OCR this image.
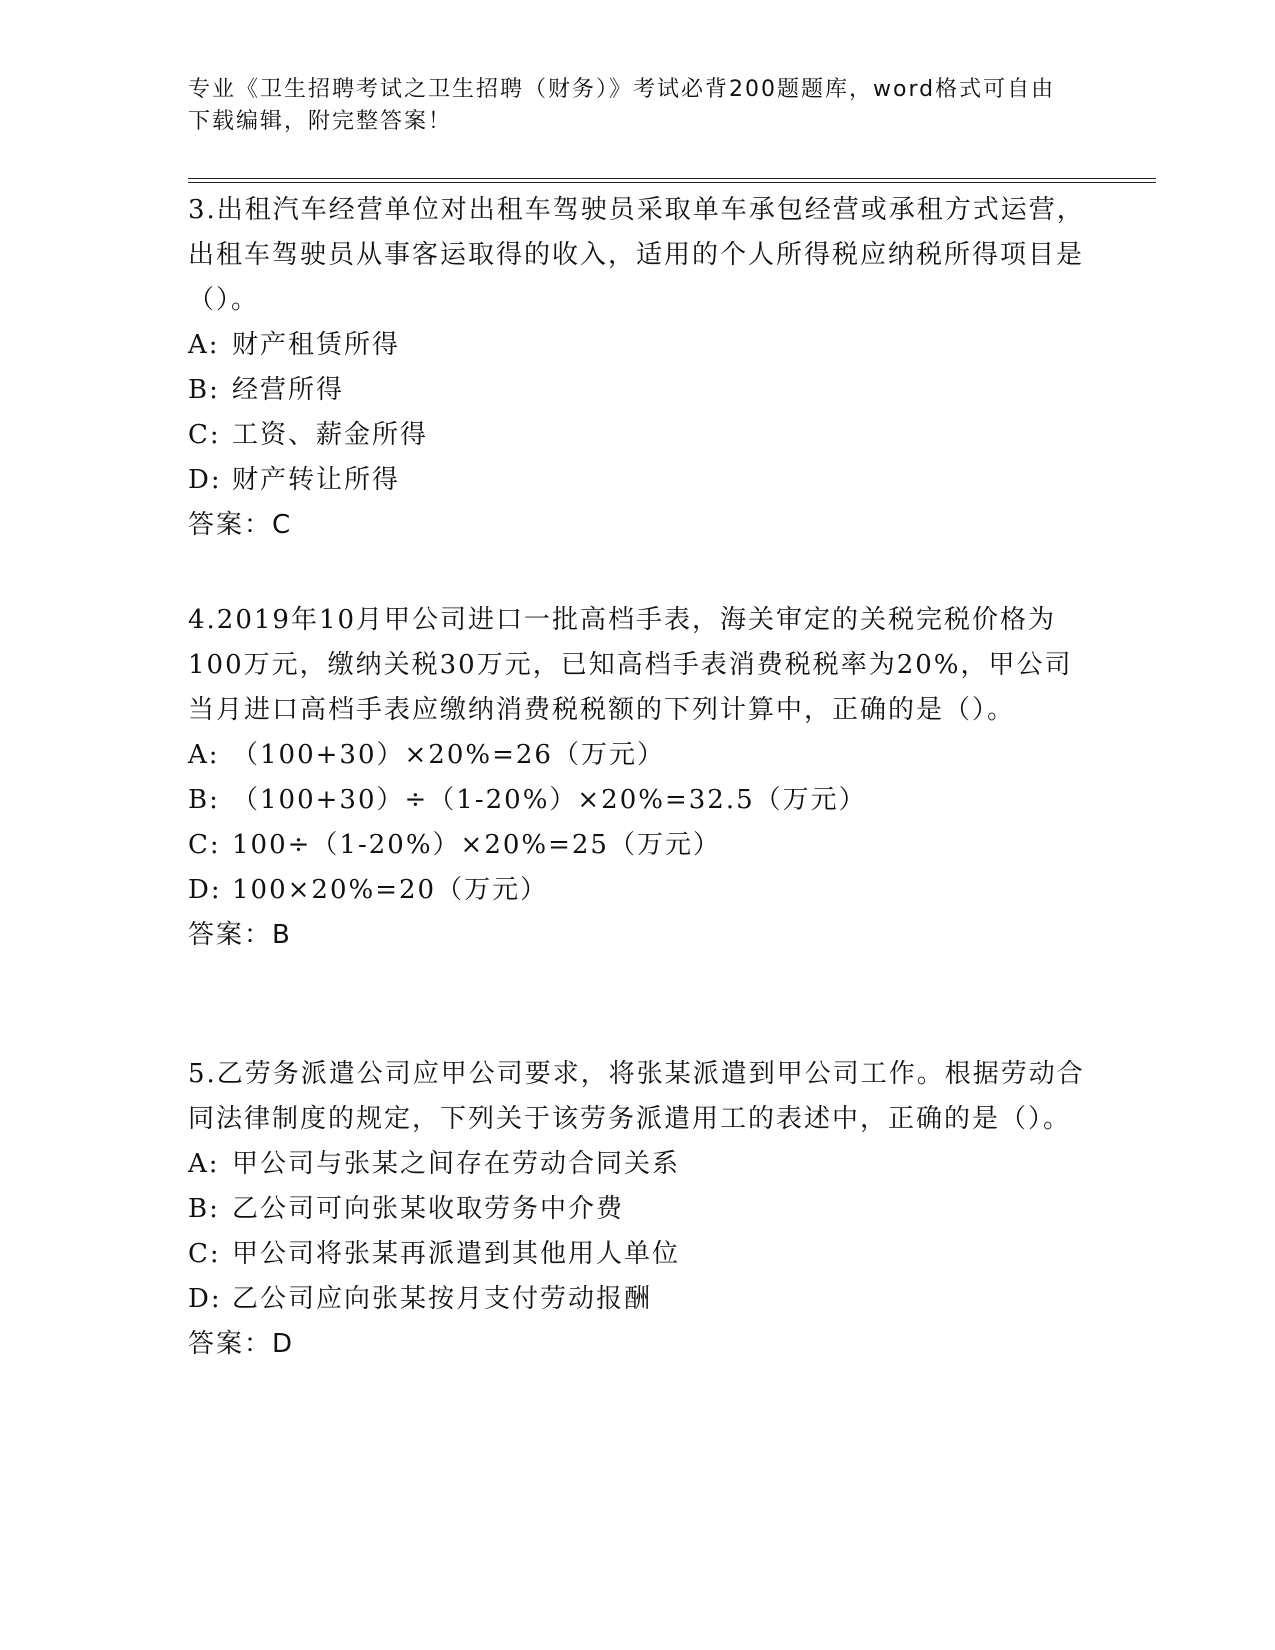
专业《卫生招聘考试之卫生招聘（财务）》考试必背200题题库，word格式可自由下载编辑，附完整答案！

3.出租汽车经营单位对出租车驾驶员采取单车承包经营或承租方式运营，出租车驾驶员从事客运取得的收入，适用的个人所得税应纳税所得项目是（）。

A: 财产租赁所得

B: 经营所得

C: 工资、薪金所得

D: 财产转让所得

答案：C

4.2019年10月甲公司进口一批高档手表，海关审定的关税完税价格为100万元，缴纳关税30万元，已知高档手表消费税税率为20%，甲公司当月进口高档手表应缴纳消费税税额的下列计算中，正确的是（）。

A: （100+30）×20%=26（万元）

B: （100+30）÷（1-20%）×20%=32.5（万元）

C: 100÷（1-20%）×20%=25（万元）

D: 100×20%=20（万元）

答案：B

5.乙劳务派遣公司应甲公司要求，将张某派遣到甲公司工作。根据劳动合同法律制度的规定，下列关于该劳务派遣用工的表述中，正确的是（）。

A: 甲公司与张某之间存在劳动合同关系

B: 乙公司可向张某收取劳务中介费

C: 甲公司将张某再派遣到其他用人单位

D: 乙公司应向张某按月支付劳动报酬

答案：D
